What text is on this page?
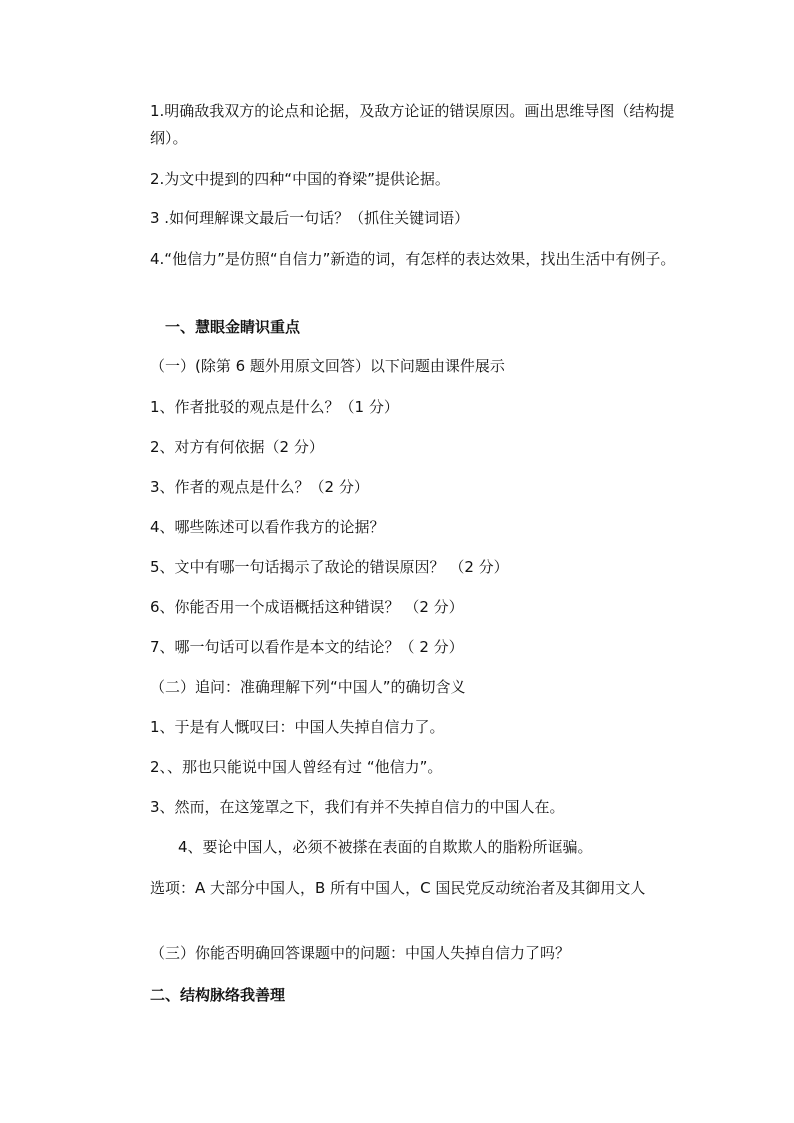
1.明确敌我双方的论点和论据，及敌方论证的错误原因。画出思维导图（结构提纲）。
2.为文中提到的四种“中国的脊梁”提供论据。
3 .如何理解课文最后一句话？（抓住关键词语）
4.“他信力”是仿照“自信力”新造的词，有怎样的表达效果，找出生活中有例子。
一、慧眼金睛识重点
（一）(除第 6 题外用原文回答）以下问题由课件展示
1、作者批驳的观点是什么？（1 分）
2、对方有何依据（2 分）
3、作者的观点是什么？（2 分）
4、哪些陈述可以看作我方的论据？
5、文中有哪一句话揭示了敌论的错误原因？ （2 分）
6、你能否用一个成语概括这种错误？ （2 分）
7、哪一句话可以看作是本文的结论？（ 2 分）
（二）追问：准确理解下列“中国人”的确切含义
1、于是有人慨叹曰：中国人失掉自信力了。
2、、那也只能说中国人曾经有过 “他信力”。
3、然而，在这笼罩之下，我们有并不失掉自信力的中国人在。
4、要论中国人，必须不被搽在表面的自欺欺人的脂粉所诓骗。
选项：A 大部分中国人，B 所有中国人，C 国民党反动统治者及其御用文人
（三）你能否明确回答课题中的问题：中国人失掉自信力了吗？
二、结构脉络我善理
